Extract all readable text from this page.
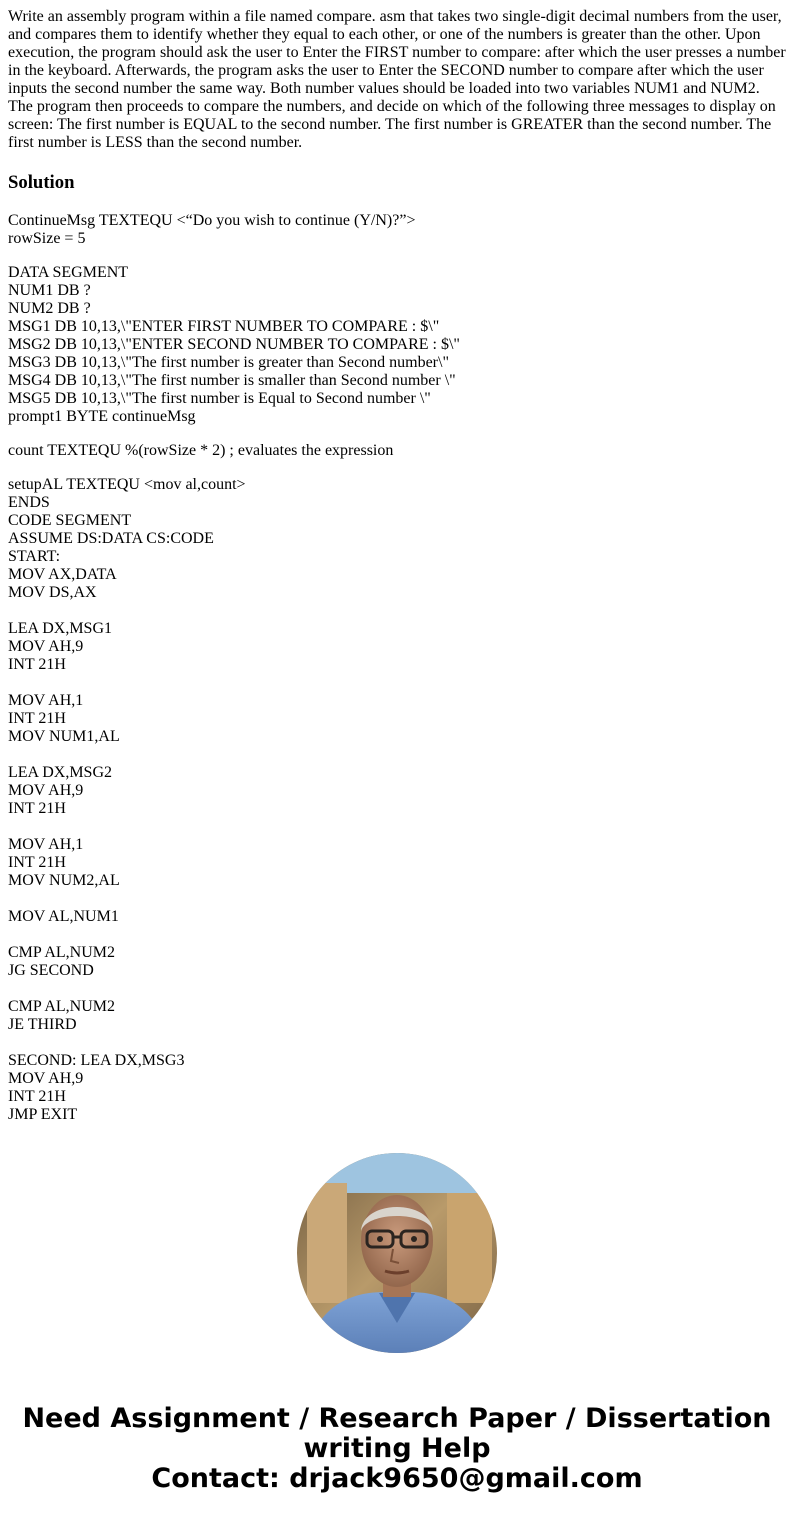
Write an assembly program within a file named compare. asm that takes two single-digit decimal numbers from the user, and compares them to identify whether they equal to each other, or one of the numbers is greater than the other. Upon execution, the program should ask the user to Enter the FIRST number to compare: after which the user presses a number in the keyboard. Afterwards, the program asks the user to Enter the SECOND number to compare after which the user inputs the second number the same way. Both number values should be loaded into two variables NUM1 and NUM2. The program then proceeds to compare the numbers, and decide on which of the following three messages to display on screen: The first number is EQUAL to the second number. The first number is GREATER than the second number. The first number is LESS than the second number.

Solution
ContinueMsg TEXTEQU <“Do you wish to continue (Y/N)?”>
rowSize = 5
DATA SEGMENT
NUM1 DB ?
NUM2 DB ?
MSG1 DB 10,13,\"ENTER FIRST NUMBER TO COMPARE : $\"
MSG2 DB 10,13,\"ENTER SECOND NUMBER TO COMPARE : $\"
MSG3 DB 10,13,\"The first number is greater than Second number\"
MSG4 DB 10,13,\"The first number is smaller than Second number \"
MSG5 DB 10,13,\"The first number is Equal to Second number \"
prompt1 BYTE continueMsg
count TEXTEQU %(rowSize * 2) ; evaluates the expression
setupAL TEXTEQU <mov al,count>
ENDS
CODE SEGMENT
ASSUME DS:DATA CS:CODE
START:
MOV AX,DATA
MOV DS,AX
LEA DX,MSG1
MOV AH,9
INT 21H
MOV AH,1
INT 21H
MOV NUM1,AL
LEA DX,MSG2
MOV AH,9
INT 21H
MOV AH,1
INT 21H
MOV NUM2,AL
MOV AL,NUM1
CMP AL,NUM2
JG SECOND
CMP AL,NUM2
JE THIRD
SECOND: LEA DX,MSG3
MOV AH,9
INT 21H
JMP EXIT
Need Assignment / Research Paper / Dissertation
writing Help
Contact: drjack9650@gmail.com
